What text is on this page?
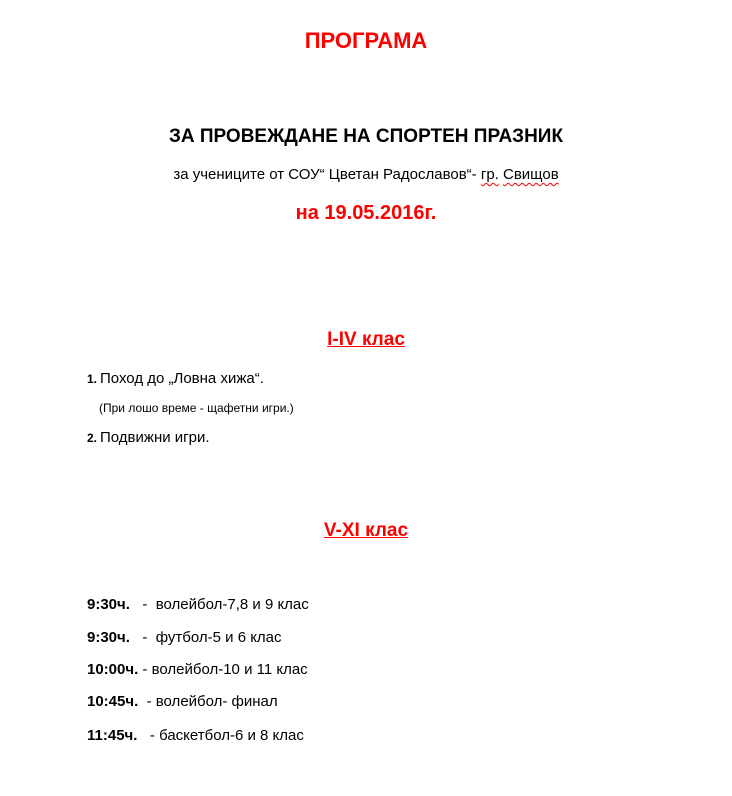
ПРОГРАМА
ЗА ПРОВЕЖДАНЕ НА СПОРТЕН ПРАЗНИК
за учениците от СОУ“ Цветан Радославов“- гр. Свищов
на 19.05.2016г.
I-IV клас
1. Поход до „Ловна хижа“.
(При лошо време - щафетни игри.)
2. Подвижни игри.
V-XI клас
9:30ч.   -  волейбол-7,8 и 9 клас
9:30ч.   -  футбол-5 и 6 клас
10:00ч. - волейбол-10 и 11 клас
10:45ч.  - волейбол- финал
11:45ч.   - баскетбол-6 и 8 клас
